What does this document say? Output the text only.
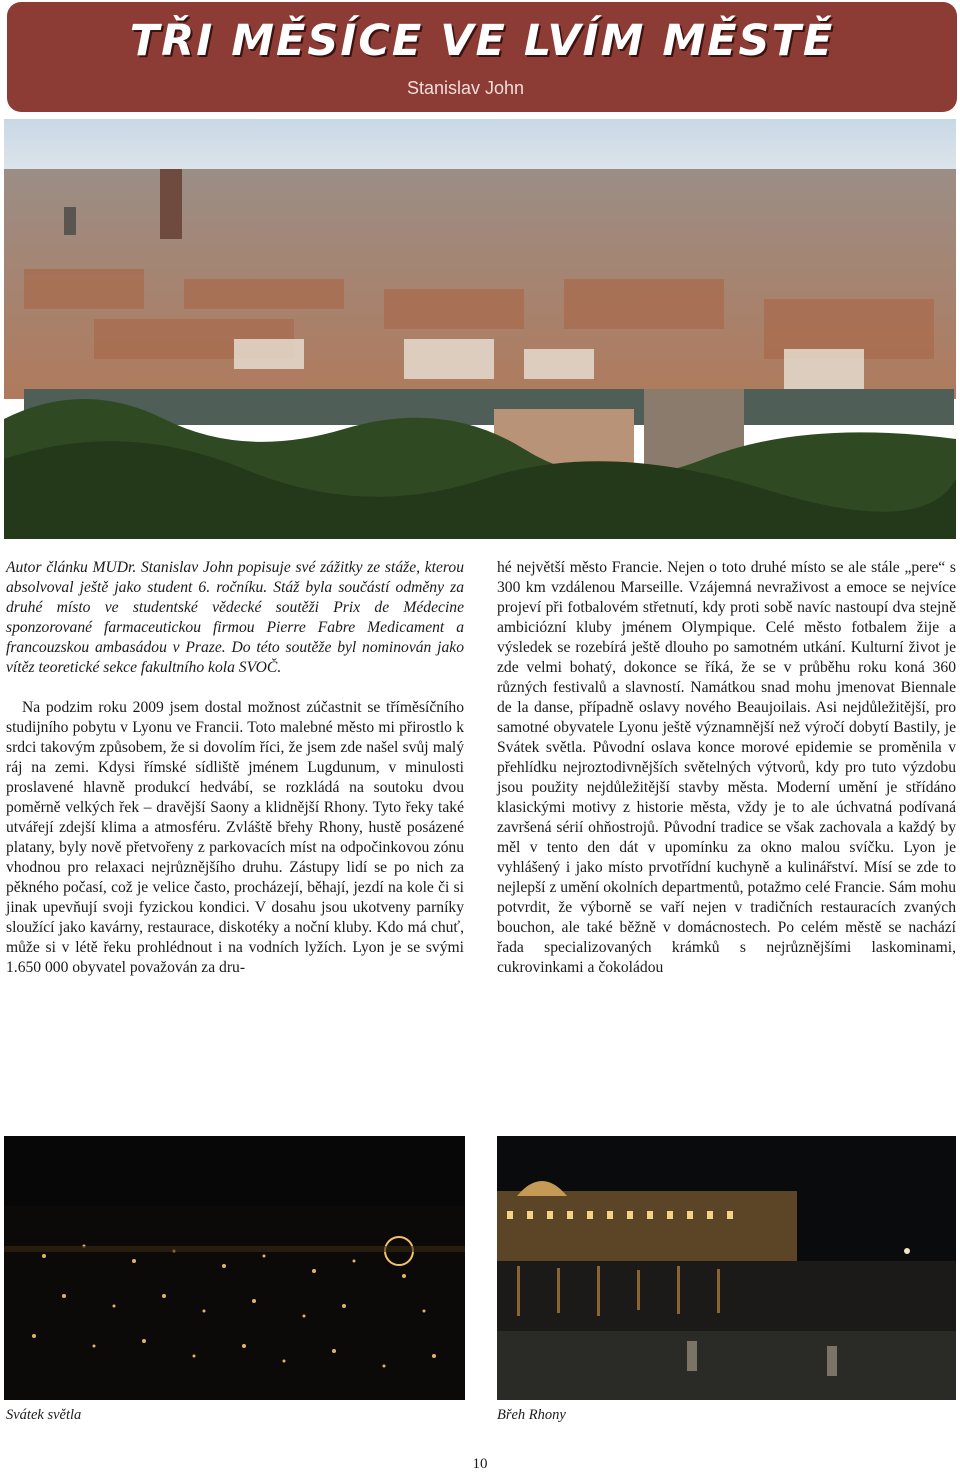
TŘI MĚSÍCE VE LVÍM MĚSTĚ
Stanislav John

Autor článku MUDr. Stanislav John popisuje své zážitky ze stáže, kterou absolvoval ještě jako student 6. ročníku. Stáž byla součástí odměny za druhé místo ve studentské vědecké soutěži Prix de Médecine sponzorované farmaceutickou firmou Pierre Fabre Medicament a francouzskou ambasádou v Praze. Do této soutěže byl nominován jako vítěz teoretické sekce fakultního kola SVOČ.

Na podzim roku 2009 jsem dostal možnost zúčastnit se tříměsíčního studijního pobytu v Lyonu ve Francii. Toto malebné město mi přirostlo k srdci takovým způsobem, že si dovolím říci, že jsem zde našel svůj malý ráj na zemi. Kdysi římské sídliště jménem Lugdunum, v minulosti proslavené hlavně produkcí hedvábí, se rozkládá na soutoku dvou poměrně velkých řek – dravější Saony a klidnější Rhony. Tyto řeky také utvářejí zdejší klima a atmosféru. Zvláště břehy Rhony, hustě posázené platany, byly nově přetvořeny z parkovacích míst na odpočinkovou zónu vhodnou pro relaxaci nejrůznějšího druhu. Zástupy lidí se po nich za pěkného počasí, což je velice často, procházejí, běhají, jezdí na kole či si jinak upevňují svoji fyzickou kondici. V dosahu jsou ukotveny parníky sloužící jako kavárny, restaurace, diskotéky a noční kluby. Kdo má chuť, může si v létě řeku prohlédnout i na vodních lyžích. Lyon je se svými 1.650 000 obyvatel považován za dru-

hé největší město Francie. Nejen o toto druhé místo se ale stále „pere“ s 300 km vzdálenou Marseille. Vzájemná nevraživost a emoce se nejvíce projeví při fotbalovém střetnutí, kdy proti sobě navíc nastoupí dva stejně ambiciózní kluby jménem Olympique. Celé město fotbalem žije a výsledek se rozebírá ještě dlouho po samotném utkání. Kulturní život je zde velmi bohatý, dokonce se říká, že se v průběhu roku koná 360 různých festivalů a slavností. Namátkou snad mohu jmenovat Biennale de la danse, případně oslavy nového Beaujoilais. Asi nejdůležitější, pro samotné obyvatele Lyonu ještě významnější než výročí dobytí Bastily, je Svátek světla. Původní oslava konce morové epidemie se proměnila v přehlídku nejroztodivnějších světelných výtvorů, kdy pro tuto výzdobu jsou použity nejdůležitější stavby města. Moderní umění je střídáno klasickými motivy z historie města, vždy je to ale úchvatná podívaná završená sérií ohňostrojů. Původní tradice se však zachovala a každý by měl v tento den dát v upomínku za okno malou svíčku. Lyon je vyhlášený i jako místo prvotřídní kuchyně a kulinářství. Mísí se zde to nejlepší z umění okolních departmentů, potažmo celé Francie. Sám mohu potvrdit, že výborně se vaří nejen v tradičních restauracích zvaných bouchon, ale také běžně v domácnostech. Po celém městě se nachází řada specializovaných krámků s nejrůznějšími laskominami, cukrovinkami a čokoládou

Svátek světla	Břeh Rhony
10
